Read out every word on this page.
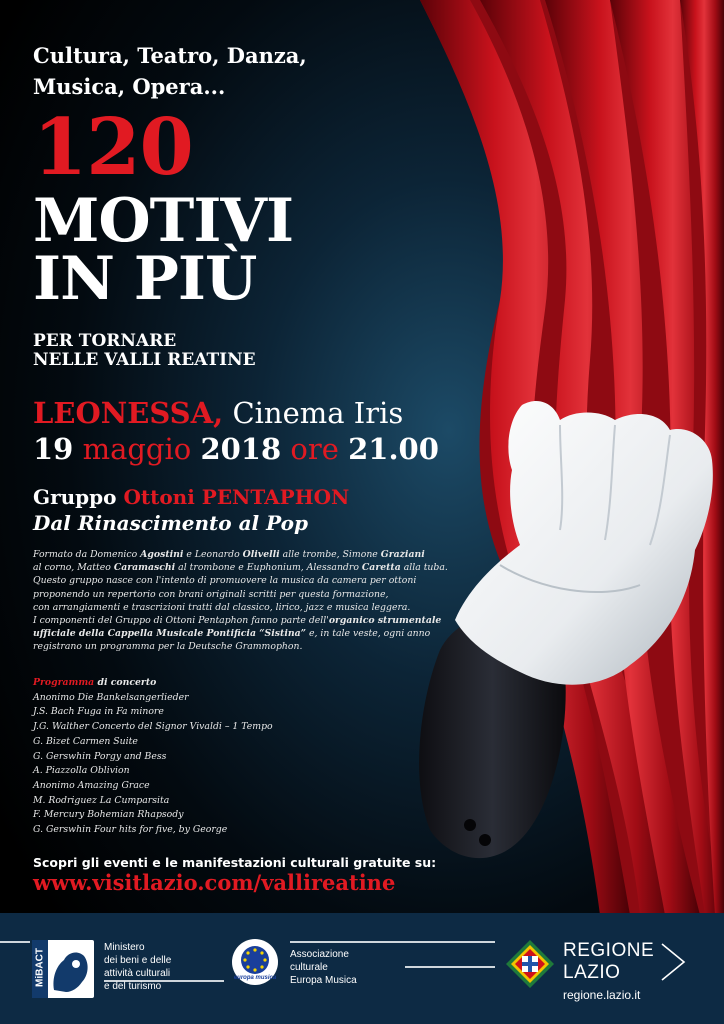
Cultura, Teatro, Danza,
Musica, Opera...
120
MOTIVI
IN PIÙ
PER TORNARE
NELLE VALLI REATINE
LEONESSA, Cinema Iris
19 maggio 2018 ore 21.00
Gruppo Ottoni PENTAPHON
Dal Rinascimento al Pop

Formato da Domenico Agostini e Leonardo Olivelli alle trombe, Simone Graziani

al corno, Matteo Caramaschi al trombone e Euphonium, Alessandro Caretta alla tuba.

Questo gruppo nasce con l'intento di promuovere la musica da camera per ottoni

proponendo un repertorio con brani originali scritti per questa formazione,

con arrangiamenti e trascrizioni tratti dal classico, lirico, jazz e musica leggera.

I componenti del Gruppo di Ottoni Pentaphon fanno parte dell'organico strumentale

ufficiale della Cappella Musicale Pontificia “Sistina” e, in tale veste, ogni anno

registrano un programma per la Deutsche Grammophon.

Programma di concerto
Anonimo Die Bankelsangerlieder
J.S. Bach Fuga in Fa minore
J.G. Walther Concerto del Signor Vivaldi – 1 Tempo
G. Bizet Carmen Suite
G. Gerswhin Porgy and Bess
A. Piazzolla Oblivion
Anonimo Amazing Grace
M. Rodriguez La Cumparsita
F. Mercury Bohemian Rhapsody
G. Gerswhin Four hits for five, by George
Scopri gli eventi e le manifestazioni culturali gratuite su:
www.visitlazio.com/vallireatine
MiBACT
Ministero
dei beni e delle
attività culturali
e del turismo
europa musica
Associazione
culturale
Europa Musica
REGIONE
LAZIO
regione.lazio.it
